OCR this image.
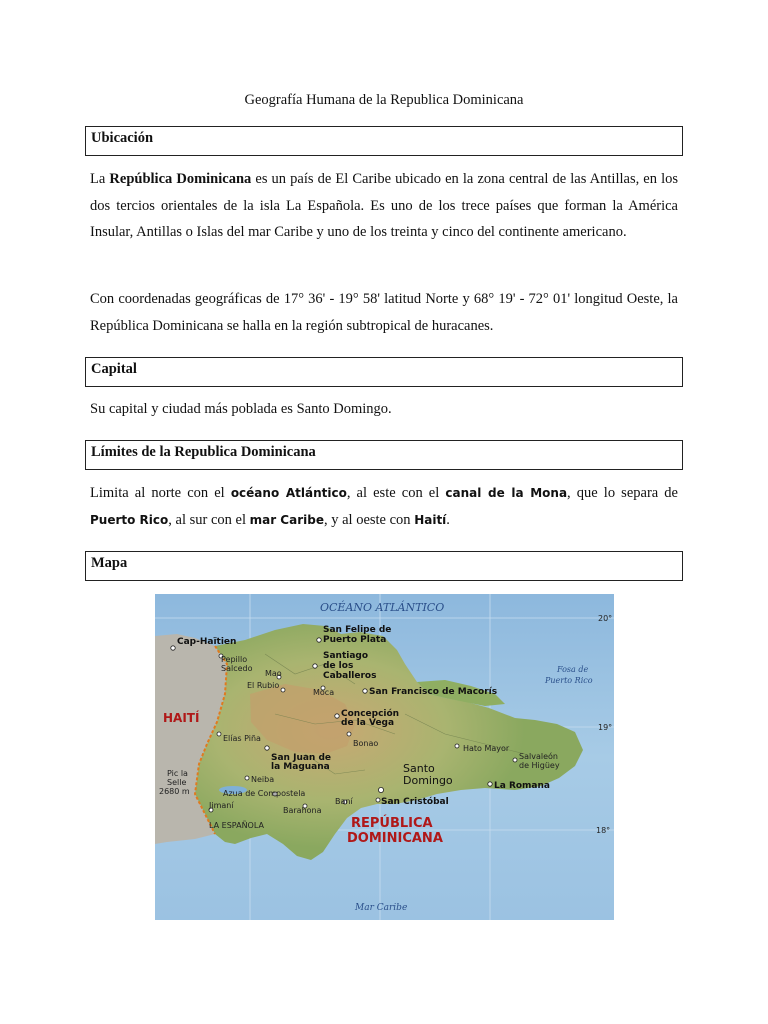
Geografía Humana de la Republica Dominicana
Ubicación
La República Dominicana es un país de El Caribe ubicado en la zona central de las Antillas, en los dos tercios orientales de la isla La Española. Es uno de los trece países que forman la América Insular, Antillas o Islas del mar Caribe y uno de los treinta y cinco del continente americano.
Con coordenadas geográficas de 17° 36' - 19° 58' latitud Norte y 68° 19' - 72° 01' longitud Oeste, la República Dominicana se halla en la región subtropical de huracanes.
Capital
Su capital y ciudad más poblada es Santo Domingo.
Límites de la Republica Dominicana
Limita al norte con el océano Atlántico, al este con el canal de la Mona, que lo separa de Puerto Rico, al sur con el mar Caribe, y al oeste con Haití.
Mapa
OCÉANO ATLÁNTICO
Mar Caribe
Fosa de
Puerto Rico
20°
19°
18°
HAITÍ
REPÚBLICA
DOMINICANA
LA ESPAÑOLA
Pic la
Selle
2680 m
Cap-Haïtien
San Felipe de
Puerto Plata
Santiago
de los
Caballeros
Pepillo
Salcedo
Mao
El Rubio
Moca	San Francisco de Macorís
Concepción
de la Vega
Elías Piña
San Juan de
la Maguana
Bonao
Hato Mayor
Salvaleón
de Higüey
Neiba
Azua de Compostela
Santo
Domingo	La Romana
Baní	San Cristóbal
Jimaní
Barahona
